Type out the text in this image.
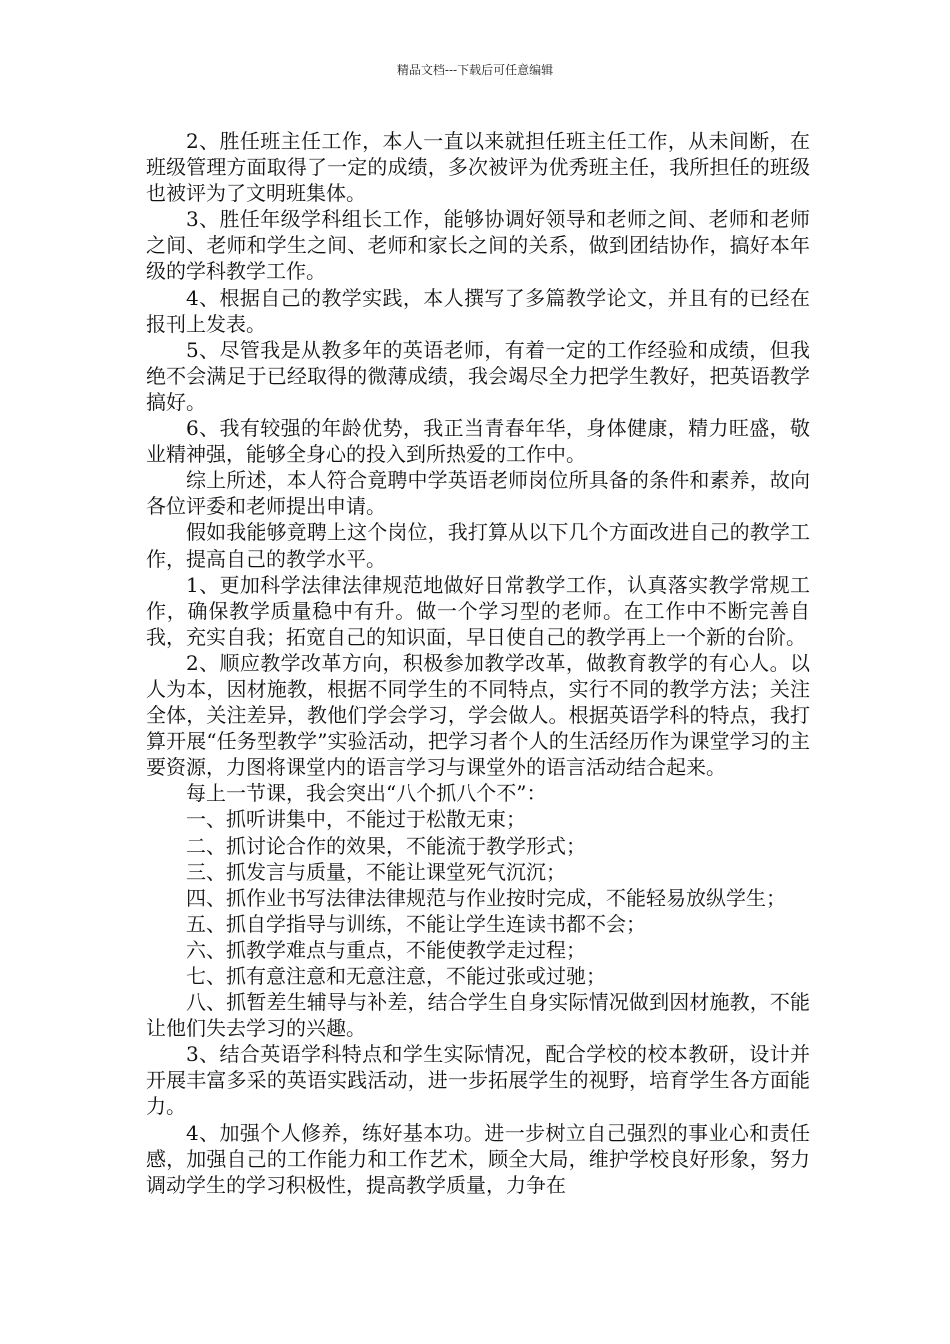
精品文档---下载后可任意编辑

2、胜任班主任工作，本人一直以来就担任班主任工作，从未间断，在班级管理方面取得了一定的成绩，多次被评为优秀班主任，我所担任的班级也被评为了文明班集体。

3、胜任年级学科组长工作，能够协调好领导和老师之间、老师和老师之间、老师和学生之间、老师和家长之间的关系，做到团结协作，搞好本年级的学科教学工作。

4、根据自己的教学实践，本人撰写了多篇教学论文，并且有的已经在报刊上发表。

5、尽管我是从教多年的英语老师，有着一定的工作经验和成绩，但我绝不会满足于已经取得的微薄成绩，我会竭尽全力把学生教好，把英语教学搞好。

6、我有较强的年龄优势，我正当青春年华，身体健康，精力旺盛，敬业精神强，能够全身心的投入到所热爱的工作中。

综上所述，本人符合竟聘中学英语老师岗位所具备的条件和素养，故向各位评委和老师提出申请。

假如我能够竟聘上这个岗位，我打算从以下几个方面改进自己的教学工作，提高自己的教学水平。

1、更加科学法律法律规范地做好日常教学工作，认真落实教学常规工作，确保教学质量稳中有升。做一个学习型的老师。在工作中不断完善自我，充实自我；拓宽自己的知识面，早日使自己的教学再上一个新的台阶。

2、顺应教学改革方向，积极参加教学改革，做教育教学的有心人。以人为本，因材施教，根据不同学生的不同特点，实行不同的教学方法；关注全体，关注差异，教他们学会学习，学会做人。根据英语学科的特点，我打算开展“任务型教学”实验活动，把学习者个人的生活经历作为课堂学习的主要资源，力图将课堂内的语言学习与课堂外的语言活动结合起来。

每上一节课，我会突出“八个抓八个不”：

一、抓听讲集中，不能过于松散无束；

二、抓讨论合作的效果，不能流于教学形式；

三、抓发言与质量，不能让课堂死气沉沉；

四、抓作业书写法律法律规范与作业按时完成，不能轻易放纵学生；

五、抓自学指导与训练，不能让学生连读书都不会；

六、抓教学难点与重点，不能使教学走过程；

七、抓有意注意和无意注意，不能过张或过驰；

八、抓暂差生辅导与补差，结合学生自身实际情况做到因材施教，不能让他们失去学习的兴趣。

3、结合英语学科特点和学生实际情况，配合学校的校本教研，设计并开展丰富多采的英语实践活动，进一步拓展学生的视野，培育学生各方面能力。

4、加强个人修养，练好基本功。进一步树立自己强烈的事业心和责任感，加强自己的工作能力和工作艺术，顾全大局，维护学校良好形象，努力调动学生的学习积极性，提高教学质量，力争在
